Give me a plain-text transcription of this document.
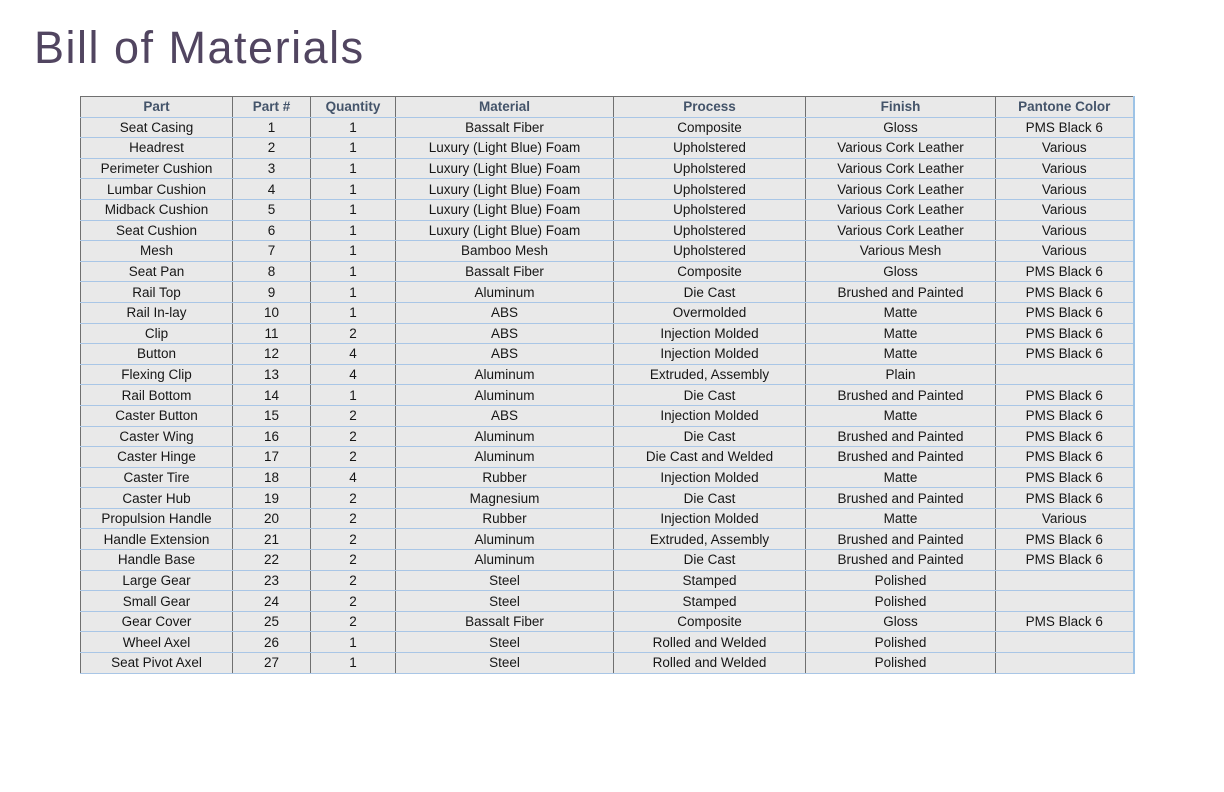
Bill of Materials
Part	Part #	Quantity	Material	Process	Finish	Pantone Color
Seat Casing	1	1	Bassalt Fiber	Composite	Gloss	PMS Black 6
Headrest	2	1	Luxury (Light Blue) Foam	Upholstered	Various Cork Leather	Various
Perimeter Cushion	3	1	Luxury (Light Blue) Foam	Upholstered	Various Cork Leather	Various
Lumbar Cushion	4	1	Luxury (Light Blue) Foam	Upholstered	Various Cork Leather	Various
Midback Cushion	5	1	Luxury (Light Blue) Foam	Upholstered	Various Cork Leather	Various
Seat Cushion	6	1	Luxury (Light Blue) Foam	Upholstered	Various Cork Leather	Various
Mesh	7	1	Bamboo Mesh	Upholstered	Various Mesh	Various
Seat Pan	8	1	Bassalt Fiber	Composite	Gloss	PMS Black 6
Rail Top	9	1	Aluminum	Die Cast	Brushed and Painted	PMS Black 6
Rail In-lay	10	1	ABS	Overmolded	Matte	PMS Black 6
Clip	11	2	ABS	Injection Molded	Matte	PMS Black 6
Button	12	4	ABS	Injection Molded	Matte	PMS Black 6
Flexing Clip	13	4	Aluminum	Extruded, Assembly	Plain	
Rail Bottom	14	1	Aluminum	Die Cast	Brushed and Painted	PMS Black 6
Caster Button	15	2	ABS	Injection Molded	Matte	PMS Black 6
Caster Wing	16	2	Aluminum	Die Cast	Brushed and Painted	PMS Black 6
Caster Hinge	17	2	Aluminum	Die Cast and Welded	Brushed and Painted	PMS Black 6
Caster Tire	18	4	Rubber	Injection Molded	Matte	PMS Black 6
Caster Hub	19	2	Magnesium	Die Cast	Brushed and Painted	PMS Black 6
Propulsion Handle	20	2	Rubber	Injection Molded	Matte	Various
Handle Extension	21	2	Aluminum	Extruded, Assembly	Brushed and Painted	PMS Black 6
Handle Base	22	2	Aluminum	Die Cast	Brushed and Painted	PMS Black 6
Large Gear	23	2	Steel	Stamped	Polished	
Small Gear	24	2	Steel	Stamped	Polished	
Gear Cover	25	2	Bassalt Fiber	Composite	Gloss	PMS Black 6
Wheel Axel	26	1	Steel	Rolled and Welded	Polished	
Seat Pivot Axel	27	1	Steel	Rolled and Welded	Polished	
